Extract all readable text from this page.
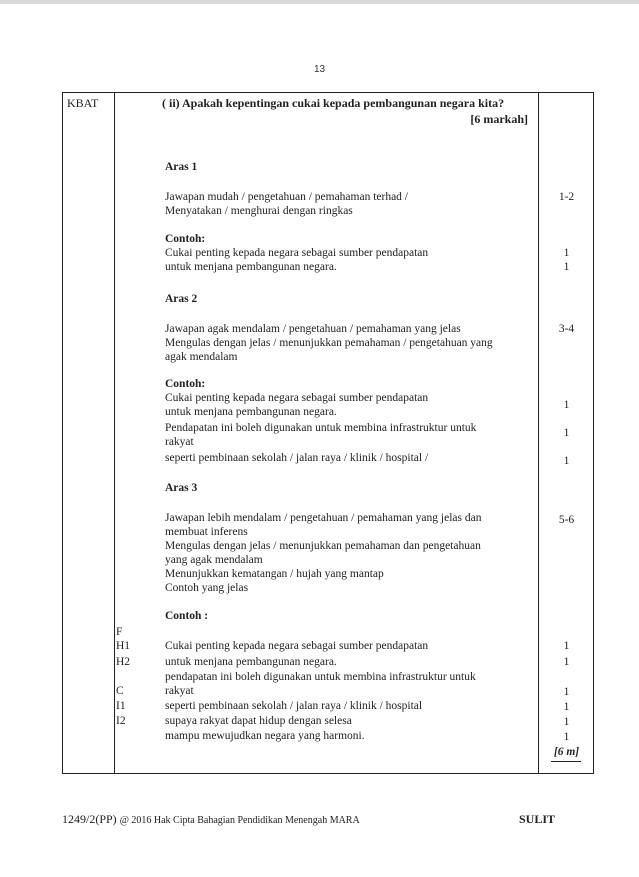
13
KBAT	( ii) Apakah kepentingan cukai kepada pembangunan negara kita?
[6 markah]
Aras 1
Jawapan mudah / pengetahuan / pemahaman terhad /
Menyatakan / menghurai dengan ringkas
1-2
Contoh:
Cukai penting kepada negara sebagai sumber pendapatan
untuk menjana pembangunan negara.
1
1
Aras 2
Jawapan agak mendalam / pengetahuan / pemahaman yang jelas
Mengulas dengan jelas / menunjukkan pemahaman / pengetahuan yang
agak mendalam
3-4
Contoh:
Cukai penting kepada negara sebagai sumber pendapatan
untuk menjana pembangunan negara.
Pendapatan ini boleh digunakan untuk membina infrastruktur untuk
rakyat
seperti pembinaan sekolah / jalan raya / klinik / hospital /
1
1
1
Aras 3
Jawapan lebih mendalam / pengetahuan / pemahaman yang jelas dan
membuat inferens
Mengulas dengan jelas / menunjukkan pemahaman dan pengetahuan
yang agak mendalam
Menunjukkan kematangan / hujah yang mantap
Contoh yang jelas
5-6
Contoh :
F
H1
H2
C
I1
I2
Cukai penting kepada negara sebagai sumber pendapatan
untuk menjana pembangunan negara.
pendapatan ini boleh digunakan untuk membina infrastruktur untuk
rakyat
seperti pembinaan sekolah / jalan raya / klinik / hospital
supaya rakyat dapat hidup dengan selesa
mampu mewujudkan negara yang harmoni.
1
1
1
1
1
1
[6 m]
1249/2(PP) @ 2016 Hak Cipta Bahagian Pendidikan Menengah MARA	SULIT
